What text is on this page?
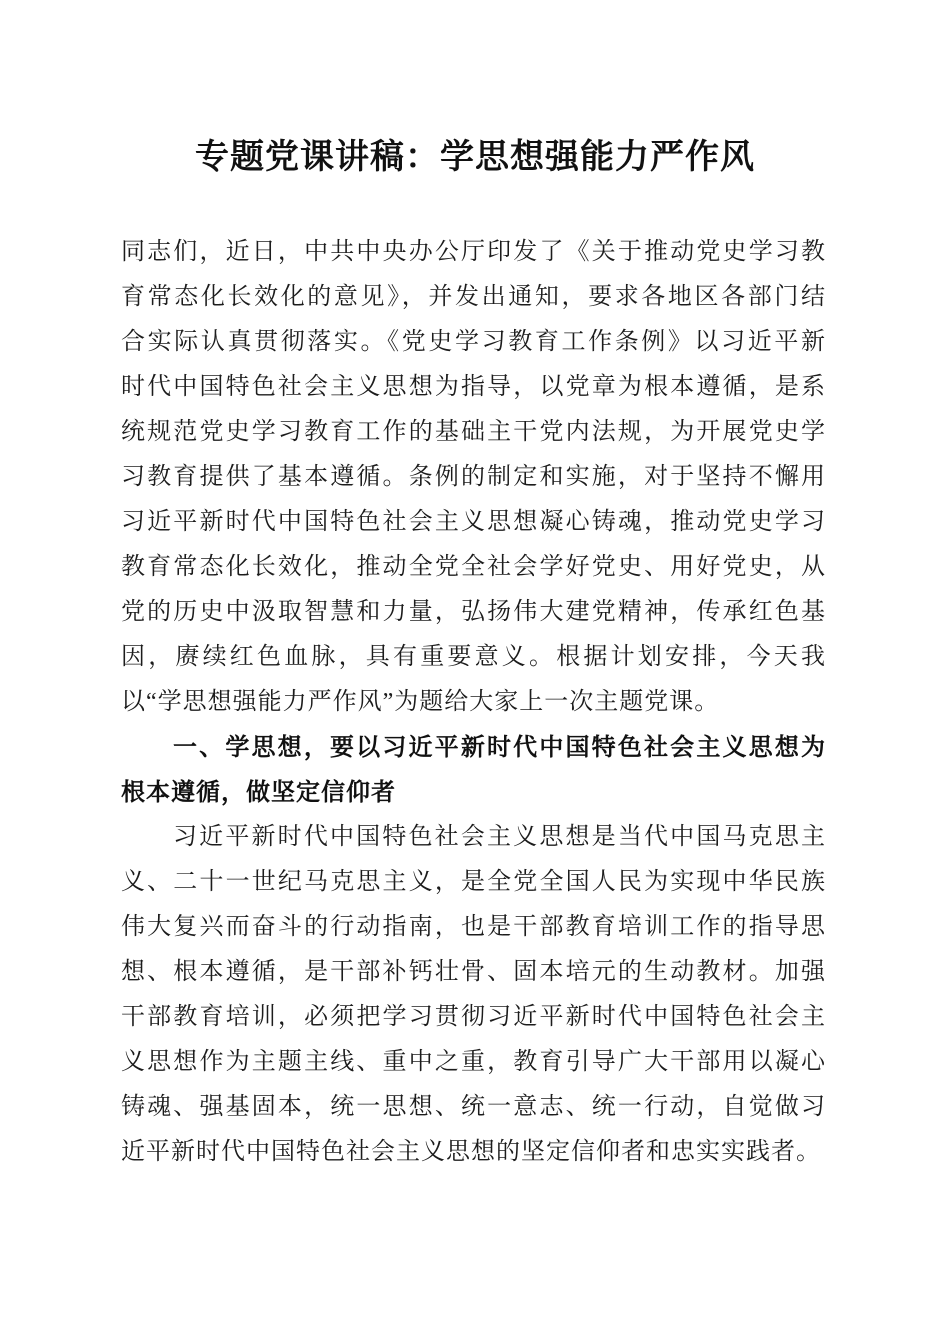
专题党课讲稿：学思想强能力严作风
同志们，近日，中共中央办公厅印发了《关于推动党史学习教
育常态化长效化的意见》，并发出通知，要求各地区各部门结
合实际认真贯彻落实。《党史学习教育工作条例》以习近平新
时代中国特色社会主义思想为指导，以党章为根本遵循，是系
统规范党史学习教育工作的基础主干党内法规，为开展党史学
习教育提供了基本遵循。条例的制定和实施，对于坚持不懈用
习近平新时代中国特色社会主义思想凝心铸魂，推动党史学习
教育常态化长效化，推动全党全社会学好党史、用好党史，从
党的历史中汲取智慧和力量，弘扬伟大建党精神，传承红色基
因，赓续红色血脉，具有重要意义。根据计划安排，今天我
以“学思想强能力严作风”为题给大家上一次主题党课。
一、学思想，要以习近平新时代中国特色社会主义思想为
根本遵循，做坚定信仰者
习近平新时代中国特色社会主义思想是当代中国马克思主
义、二十一世纪马克思主义，是全党全国人民为实现中华民族
伟大复兴而奋斗的行动指南，也是干部教育培训工作的指导思
想、根本遵循，是干部补钙壮骨、固本培元的生动教材。加强
干部教育培训，必须把学习贯彻习近平新时代中国特色社会主
义思想作为主题主线、重中之重，教育引导广大干部用以凝心
铸魂、强基固本，统一思想、统一意志、统一行动，自觉做习
近平新时代中国特色社会主义思想的坚定信仰者和忠实实践者。
